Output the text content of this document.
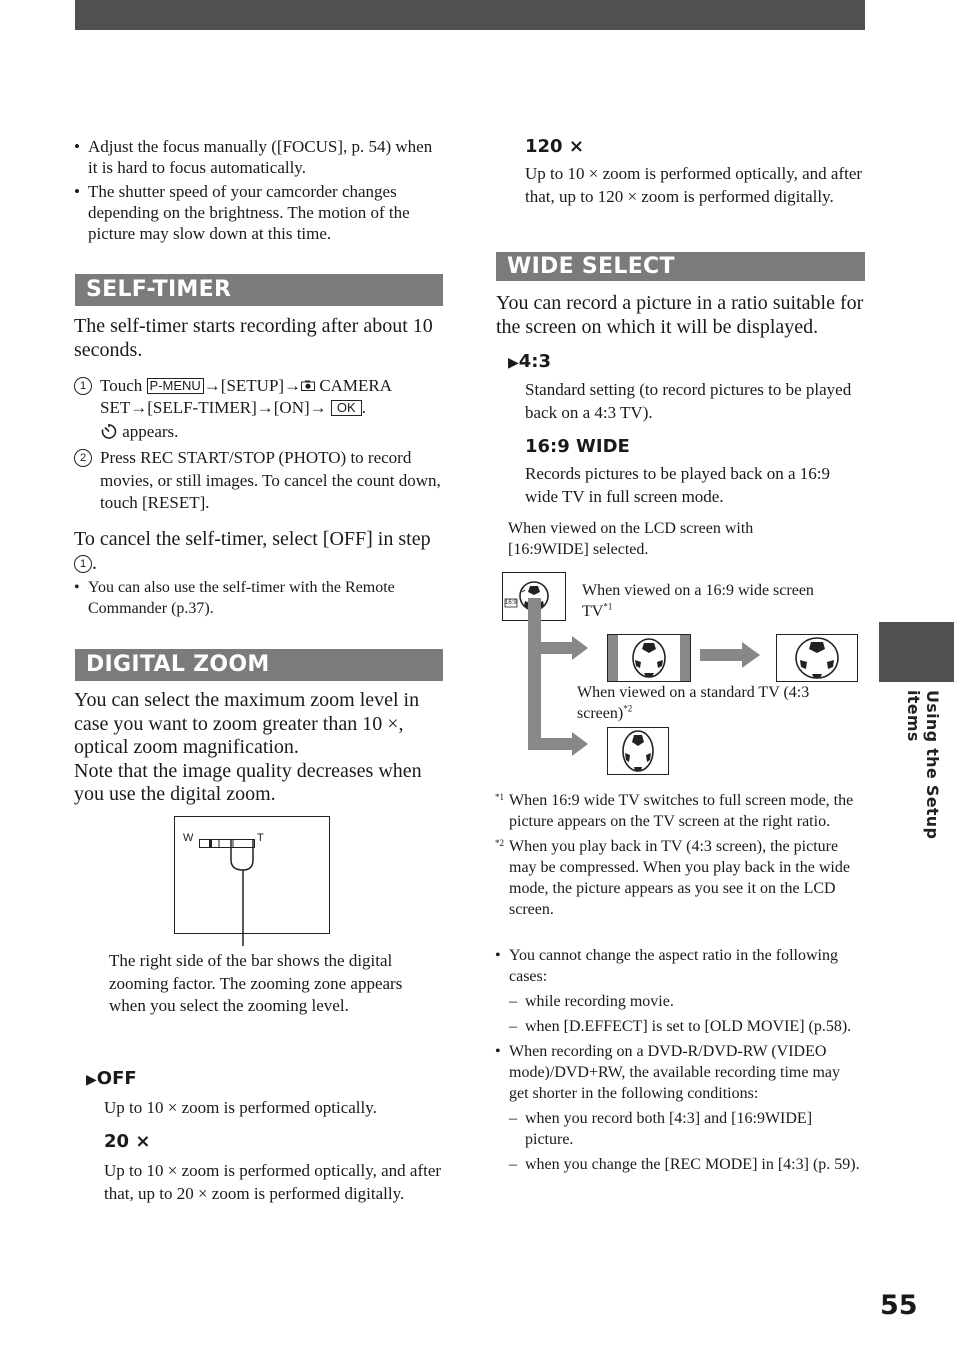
• Adjust the focus manually ([FOCUS], p. 54) when it is hard to focus automatically.
• The shutter speed of your camcorder changes depending on the brightness. The motion of the picture may slow down at this time.
SELF-TIMER
The self-timer starts recording after about 10 seconds.
1 Touch P-MENU →[SETUP]→ CAMERA SET→[SELF-TIMER]→[ON]→ OK .
appears.
2 Press REC START/STOP (PHOTO) to record movies, or still images. To cancel the count down, touch [RESET].
To cancel the self-timer, select [OFF] in step 1 .
• You can also use the self-timer with the Remote Commander (p.37).
DIGITAL ZOOM
You can select the maximum zoom level in case you want to zoom greater than 10 ×, optical zoom magnification.
Note that the image quality decreases when you use the digital zoom.
W	T
The right side of the bar shows the digital zooming factor. The zooming zone appears when you select the zooming level.
▶OFF
Up to 10 × zoom is performed optically.
20 ×
Up to 10 × zoom is performed optically, and after that, up to 20 × zoom is performed digitally.
120 ×
Up to 10 × zoom is performed optically, and after that, up to 120 × zoom is performed digitally.
WIDE SELECT
You can record a picture in a ratio suitable for the screen on which it will be displayed.
▶4:3
Standard setting (to record pictures to be played back on a 4:3 TV).
16:9 WIDE
Records pictures to be played back on a 16:9 wide TV in full screen mode.
When viewed on the LCD screen with [16:9WIDE] selected.
16:9
When viewed on a 16:9 wide screen TV$^{*1}$
When viewed on a standard TV (4:3 screen)$^{*2}$
*1 When 16:9 wide TV switches to full screen mode, the picture appears on the TV screen at the right ratio.
*2 When you play back in TV (4:3 screen), the picture may be compressed. When you play back in the wide mode, the picture appears as you see it on the LCD screen.
• You cannot change the aspect ratio in the following cases:
– while recording movie.
– when [D.EFFECT] is set to [OLD MOVIE] (p.58).
• When recording on a DVD-R/DVD-RW (VIDEO mode)/DVD+RW, the available recording time may get shorter in the following conditions:
– when you record both [4:3] and [16:9WIDE] picture.
– when you change the [REC MODE] in [4:3] (p. 59).
Using the Setup items
55
